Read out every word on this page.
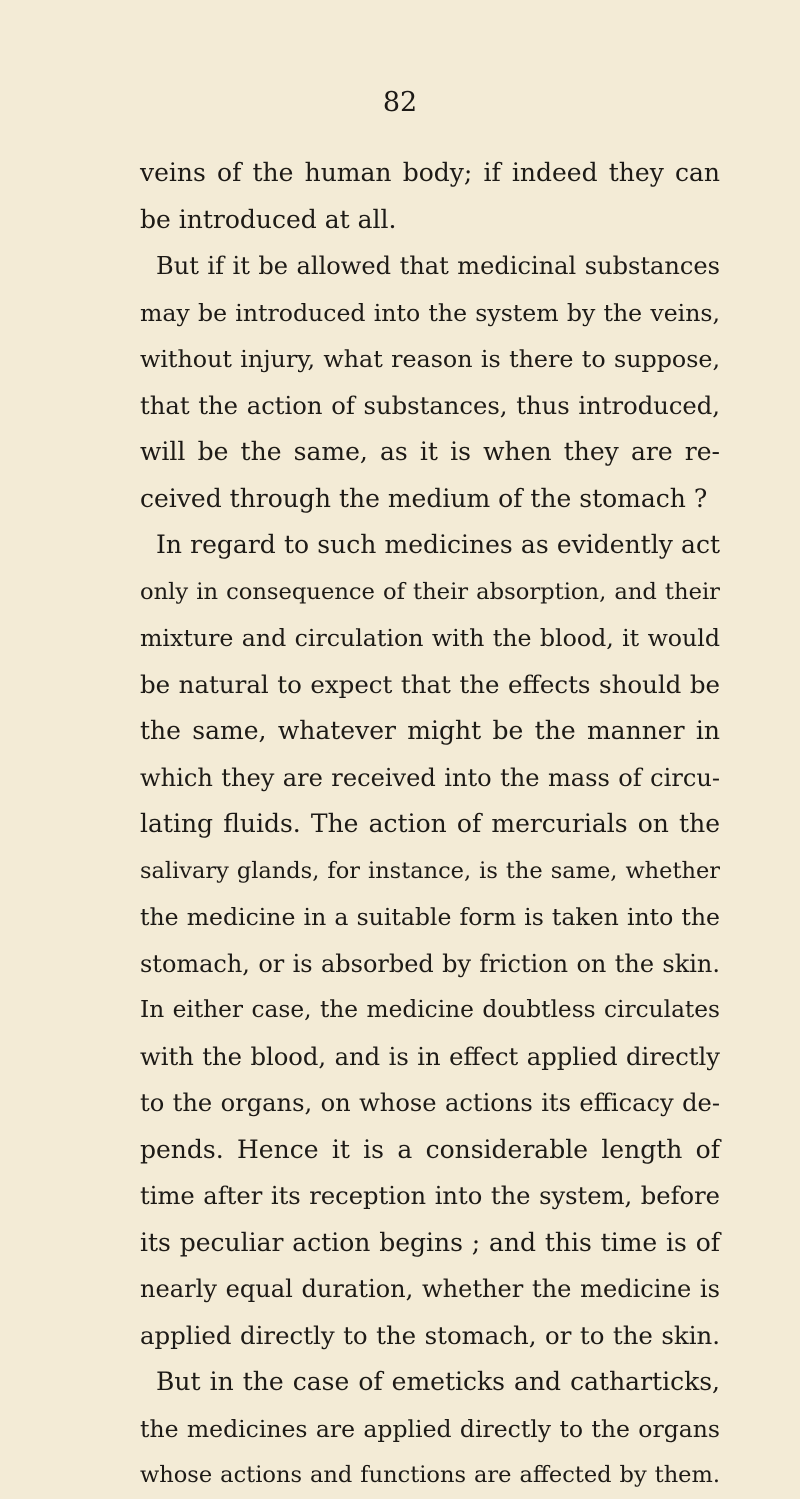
82
veins of the human body; if indeed they can
be introduced at all.
But if it be allowed that medicinal substances
may be introduced into the system by the veins,
without injury, what reason is there to suppose,
that the action of substances, thus introduced,
will be the same, as it is when they are re-
ceived through the medium of the stomach ?
In regard to such medicines as evidently act
only in consequence of their absorption, and their
mixture and circulation with the blood, it would
be natural to expect that the effects should be
the same, whatever might be the manner in
which they are received into the mass of circu-
lating fluids. The action of mercurials on the
salivary glands, for instance, is the same, whether
the medicine in a suitable form is taken into the
stomach, or is absorbed by friction on the skin.
In either case, the medicine doubtless circulates
with the blood, and is in effect applied directly
to the organs, on whose actions its efficacy de-
pends. Hence it is a considerable length of
time after its reception into the system, before
its peculiar action begins ; and this time is of
nearly equal duration, whether the medicine is
applied directly to the stomach, or to the skin.
But in the case of emeticks and catharticks,
the medicines are applied directly to the organs
whose actions and functions are affected by them.
